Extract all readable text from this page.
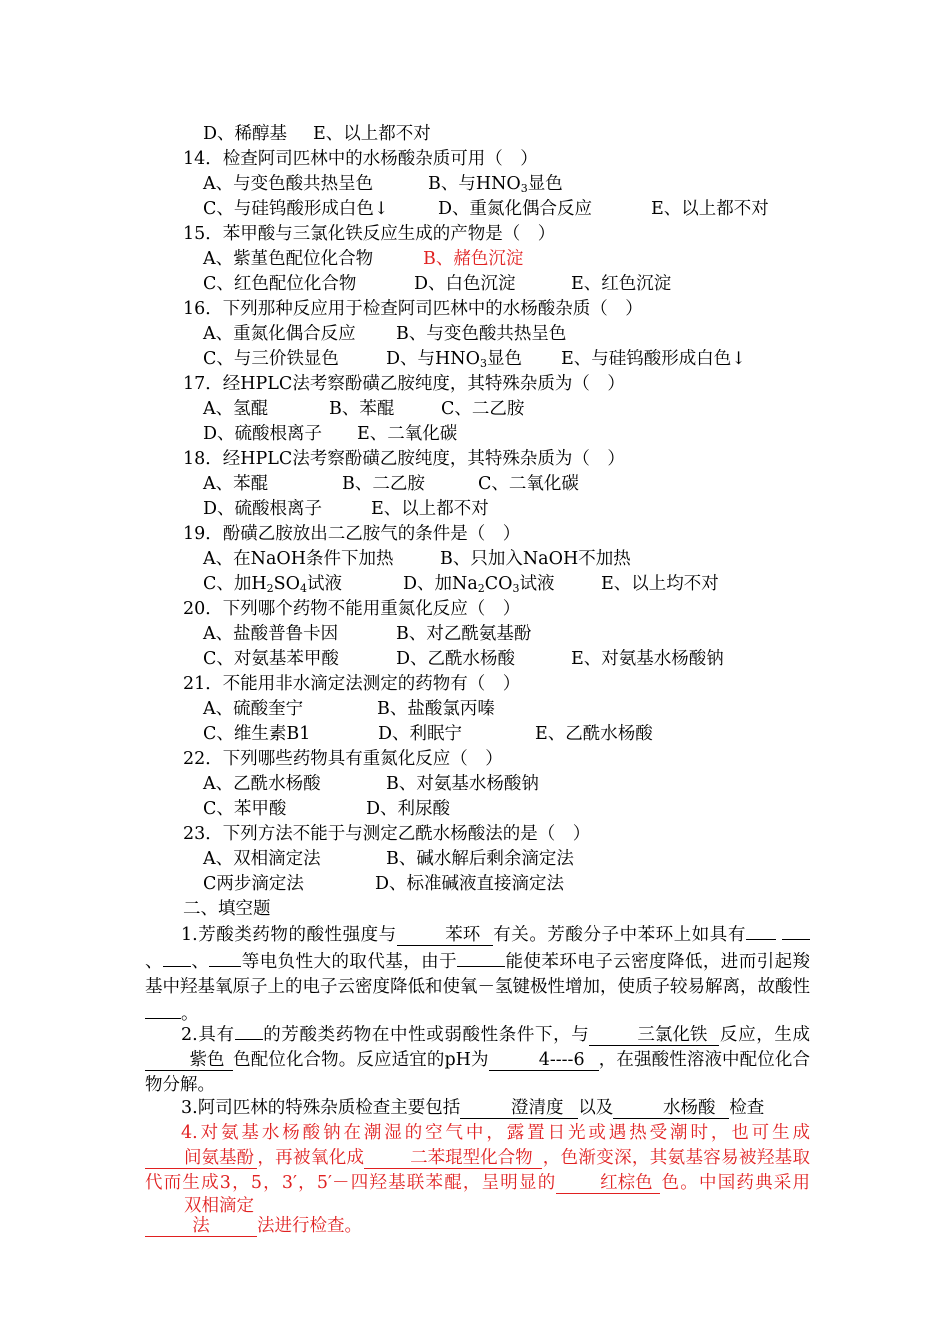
D、稀醇基 E、以上都不对
14．检查阿司匹林中的水杨酸杂质可用（　）
A、与变色酸共热呈色	B、与$HNO_3$显色
C、与硅钨酸形成白色↓	D、重氮化偶合反应	E、以上都不对
15．苯甲酸与三氯化铁反应生成的产物是（　）
A、紫堇色配位化合物	B、赭色沉淀
C、红色配位化合物	D、白色沉淀	E、红色沉淀
16．下列那种反应用于检查阿司匹林中的水杨酸杂质（　）
A、重氮化偶合反应 B、与变色酸共热呈色
C、与三价铁显色	D、与$HNO_3$显色 E、与硅钨酸形成白色↓
17．经HPLC法考察酚磺乙胺纯度，其特殊杂质为（　）
A、氢醌	B、苯醌	C、二乙胺
D、硫酸根离子 E、二氧化碳
18．经HPLC法考察酚磺乙胺纯度，其特殊杂质为（　）
A、苯醌	B、二乙胺	C、二氧化碳
D、硫酸根离子	E、以上都不对
19．酚磺乙胺放出二乙胺气的条件是（　）
A、在NaOH条件下加热	B、只加入NaOH不加热
C、加$H_2SO_4$试液	D、加$Na_2CO_3$试液	E、以上均不对
20．下列哪个药物不能用重氮化反应（　）
A、盐酸普鲁卡因	B、对乙酰氨基酚
C、对氨基苯甲酸	D、乙酰水杨酸	E、对氨基水杨酸钠
21．不能用非水滴定法测定的药物有（　）
A、硫酸奎宁	B、盐酸氯丙嗪
C、维生素B1	D、利眠宁	E、乙酰水杨酸
22．下列哪些药物具有重氮化反应（　）
A、乙酰水杨酸	B、对氨基水杨酸钠
C、苯甲酸	D、利尿酸
23．下列方法不能于与测定乙酰水杨酸法的是（　）
A、双相滴定法	B、碱水解后剩余滴定法
C两步滴定法	D、标准碱液直接滴定法
二、填空题
1.芳酸类药物的酸性强度与	苯环 有关。芳酸分子中苯环上如具有 、 、 等电负性大的取代基，由于	能使苯环电子云密度降低，进而引起羧基中羟基氧原子上的电子云密度降低和使氧－氢键极性增加，使质子较易解离，故酸性。
2.具有 的芳酸类药物在中性或弱酸性条件下，与	三氯化铁 反应，生成紫色 色配位化合物。反应适宜的pH为	4----6 ，在强酸性溶液中配位化合物分解。
3.阿司匹林的特殊杂质检查主要包括	澄清度 以及	水杨酸 检查
4.对氨基水杨酸钠在潮湿的空气中，露置日光或遇热受潮时，也可生成间氨基酚 ，再被氧化成	二苯琨型化合物 ，色渐变深，其氨基容易被羟基取代而生成3，5，3′，5′－四羟基联苯醌，呈明显的	红棕色 色。中国药典采用双相滴定法	法进行检查。
